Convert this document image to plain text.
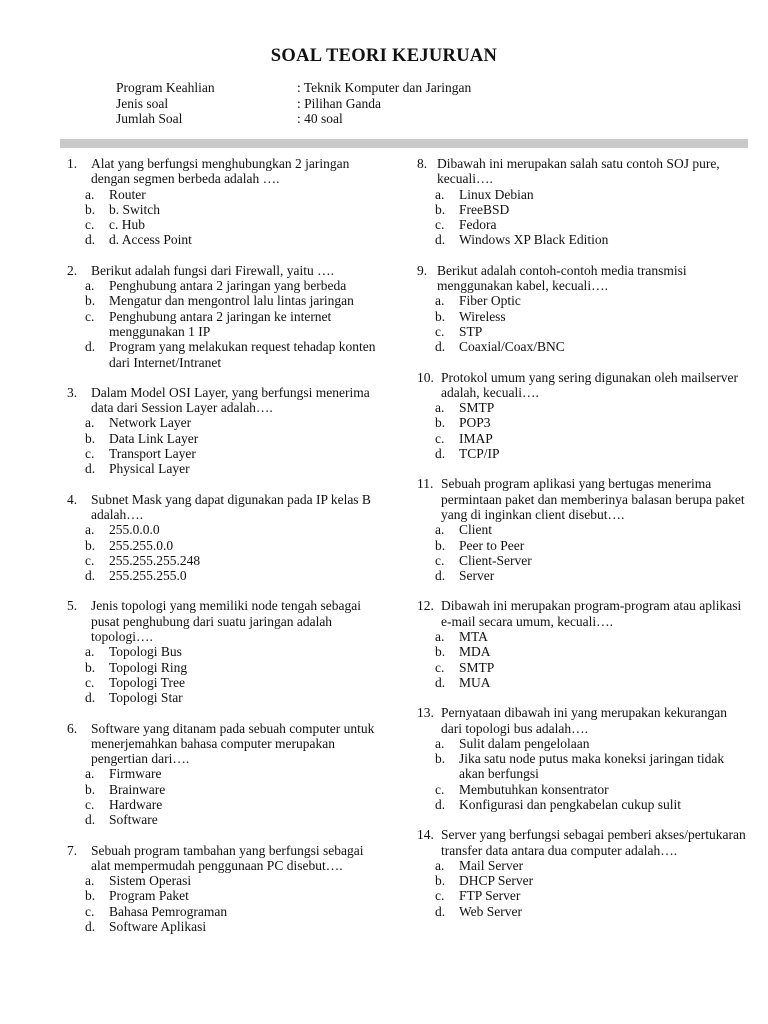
SOAL TEORI KEJURUAN
Program Keahlian	: Teknik Komputer dan Jaringan
Jenis soal	: Pilihan Ganda
Jumlah Soal	: 40 soal
1.	Alat yang berfungsi menghubungkan 2 jaringan dengan segmen berbeda adalah ….
a.	Router
b.	b. Switch
c.	c. Hub
d.	d. Access Point
2.	Berikut adalah fungsi dari Firewall, yaitu ….
a.	Penghubung antara 2 jaringan yang berbeda
b.	Mengatur dan mengontrol lalu lintas jaringan
c.	Penghubung antara 2 jaringan ke internet menggunakan 1 IP
d.	Program yang melakukan request tehadap konten dari Internet/Intranet
3.	Dalam Model OSI Layer, yang berfungsi menerima data dari Session Layer adalah….
a.	Network Layer
b.	Data Link Layer
c.	Transport Layer
d.	Physical Layer
4.	Subnet Mask yang dapat digunakan pada IP kelas B adalah….
a.	255.0.0.0
b.	255.255.0.0
c.	255.255.255.248
d.	255.255.255.0
5.	Jenis topologi yang memiliki node tengah sebagai pusat penghubung dari suatu jaringan adalah topologi….
a.	Topologi Bus
b.	Topologi Ring
c.	Topologi Tree
d.	Topologi Star
6.	Software yang ditanam pada sebuah computer untuk menerjemahkan bahasa computer merupakan pengertian dari….
a.	Firmware
b.	Brainware
c.	Hardware
d.	Software
7.	Sebuah program tambahan yang berfungsi sebagai alat mempermudah penggunaan PC disebut….
a.	Sistem Operasi
b.	Program Paket
c.	Bahasa Pemrograman
d.	Software Aplikasi
8. Dibawah ini merupakan salah satu contoh SOJ pure, kecuali….
a.	Linux Debian
b.	FreeBSD
c.	Fedora
d.	Windows XP Black Edition
9. Berikut adalah contoh-contoh media transmisi menggunakan kabel, kecuali….
a.	Fiber Optic
b.	Wireless
c.	STP
d.	Coaxial/Coax/BNC
10. Protokol umum yang sering digunakan oleh mailserver adalah, kecuali….
a.	SMTP
b.	POP3
c.	IMAP
d.	TCP/IP
11. Sebuah program aplikasi yang bertugas menerima permintaan paket dan memberinya balasan berupa paket yang di inginkan client disebut….
a.	Client
b.	Peer to Peer
c.	Client-Server
d.	Server
12. Dibawah ini merupakan program-program atau aplikasi e-mail secara umum, kecuali….
a.	MTA
b.	MDA
c.	SMTP
d.	MUA
13. Pernyataan dibawah ini yang merupakan kekurangan dari topologi bus adalah….
a.	Sulit dalam pengelolaan
b.	Jika satu node putus maka koneksi jaringan tidak akan berfungsi
c.	Membutuhkan konsentrator
d.	Konfigurasi dan pengkabelan cukup sulit
14. Server yang berfungsi sebagai pemberi akses/pertukaran transfer data antara dua computer adalah….
a.	Mail Server
b.	DHCP Server
c.	FTP Server
d.	Web Server
